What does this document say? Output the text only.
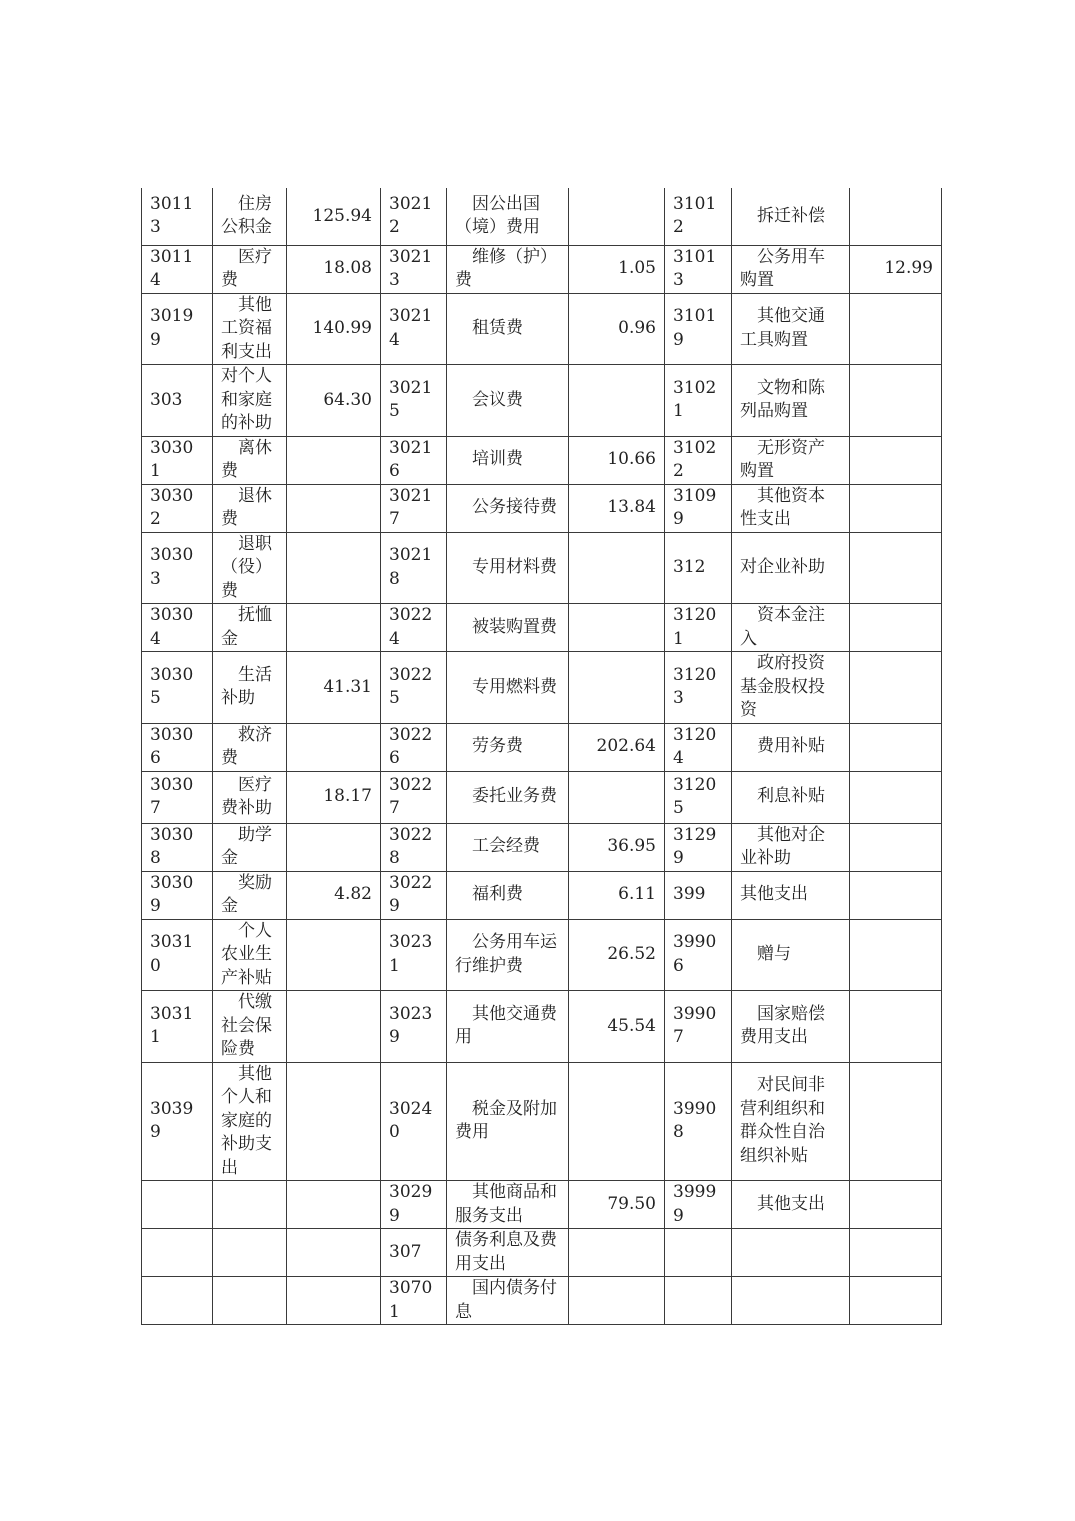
30113	住房公积金	125.94	30212	因公出国（境）费用		31012	拆迁补偿	
30114	医疗费	18.08	30213	维修（护）费	1.05	31013	公务用车购置	12.99
30199	其他工资福利支出	140.99	30214	租赁费	0.96	31019	其他交通工具购置	
303	对个人和家庭的补助	64.30	30215	会议费		31021	文物和陈列品购置	
30301	离休费		30216	培训费	10.66	31022	无形资产购置	
30302	退休费		30217	公务接待费	13.84	31099	其他资本性支出	
30303	退职（役）费		30218	专用材料费		312	对企业补助	
30304	抚恤金		30224	被装购置费		31201	资本金注入	
30305	生活补助	41.31	30225	专用燃料费		31203	政府投资基金股权投资	
30306	救济费		30226	劳务费	202.64	31204	费用补贴	
30307	医疗费补助	18.17	30227	委托业务费		31205	利息补贴	
30308	助学金		30228	工会经费	36.95	31299	其他对企业补助	
30309	奖励金	4.82	30229	福利费	6.11	399	其他支出	
30310	个人农业生产补贴		30231	公务用车运行维护费	26.52	39906	赠与	
30311	代缴社会保险费		30239	其他交通费用	45.54	39907	国家赔偿费用支出	
30399	其他个人和家庭的补助支出		30240	税金及附加费用		39908	对民间非营利组织和群众性自治组织补贴	
			30299	其他商品和服务支出	79.50	39999	其他支出	
			307	债务利息及费用支出				
			30701	国内债务付息				
